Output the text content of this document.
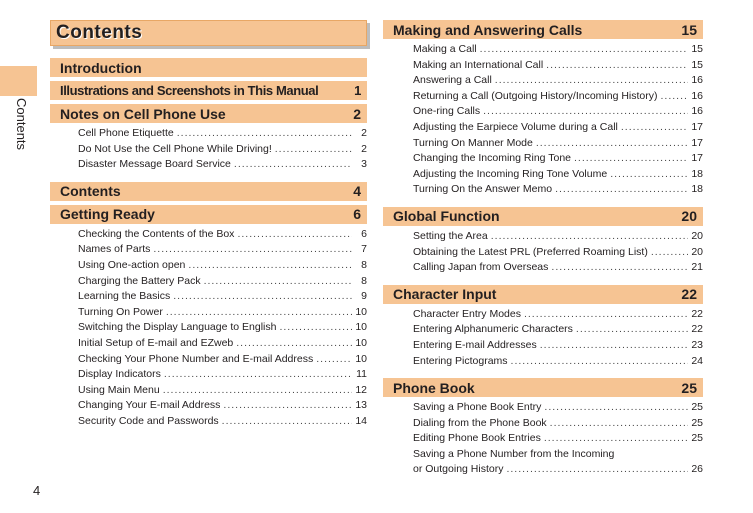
Contents
4
Contents
Introduction
Illustrations and Screenshots in This Manual	1
Notes on Cell Phone Use	2
Cell Phone Etiquette .....	2
Do Not Use the Cell Phone While Driving! .....	2
Disaster Message Board Service .....	3
Contents	4
Getting Ready	6
Checking the Contents of the Box .....	6
Names of Parts .....	7
Using One-action open .....	8
Charging the Battery Pack .....	8
Learning the Basics .....	9
Turning On Power .....	10
Switching the Display Language to English .....	10
Initial Setup of E-mail and EZweb .....	10
Checking Your Phone Number and E-mail Address .....	10
Display Indicators .....	11
Using Main Menu .....	12
Changing Your E-mail Address .....	13
Security Code and Passwords .....	14
Making and Answering Calls	15
Making a Call .....	15
Making an International Call .....	15
Answering a Call .....	16
Returning a Call (Outgoing History/Incoming History) .....	16
One-ring Calls .....	16
Adjusting the Earpiece Volume during a Call .....	17
Turning On Manner Mode .....	17
Changing the Incoming Ring Tone .....	17
Adjusting the Incoming Ring Tone Volume .....	18
Turning On the Answer Memo .....	18
Global Function	20
Setting the Area .....	20
Obtaining the Latest PRL (Preferred Roaming List) .....	20
Calling Japan from Overseas .....	21
Character Input	22
Character Entry Modes .....	22
Entering Alphanumeric Characters .....	22
Entering E-mail Addresses .....	23
Entering Pictograms .....	24
Phone Book	25
Saving a Phone Book Entry .....	25
Dialing from the Phone Book .....	25
Editing Phone Book Entries .....	25
Saving a Phone Number from the Incoming
or Outgoing History .....	26
